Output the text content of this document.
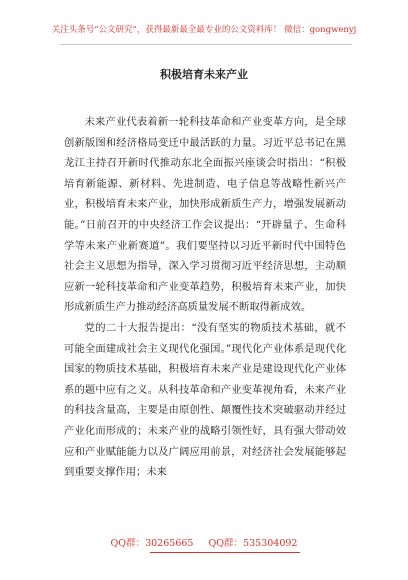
关注头条号“公文研究”，获得最新最全最专业的公文资料库！ 微信：gongwenyj
积极培育未来产业

未来产业代表着新一轮科技革命和产业变革方向，是全球创新版图和经济格局变迁中最活跃的力量。习近平总书记在黑龙江主持召开新时代推动东北全面振兴座谈会时指出：“积极培育新能源、新材料、先进制造、电子信息等战略性新兴产业，积极培育未来产业，加快形成新质生产力，增强发展新动能。”日前召开的中央经济工作会议提出：“开辟量子、生命科学等未来产业新赛道”。我们要坚持以习近平新时代中国特色社会主义思想为指导，深入学习贯彻习近平经济思想，主动顺应新一轮科技革命和产业变革趋势，积极培育未来产业，加快形成新质生产力推动经济高质量发展不断取得新成效。

党的二十大报告提出：“没有坚实的物质技术基础，就不可能全面建成社会主义现代化强国。”现代化产业体系是现代化国家的物质技术基础，积极培育未来产业是建设现代化产业体系的题中应有之义。从科技革命和产业变革视角看，未来产业的科技含量高，主要是由原创性、颠覆性技术突破驱动并经过产业化而形成的；未来产业的战略引领性好，具有强大带动效应和产业赋能能力以及广阔应用前景，对经济社会发展能够起到重要支撑作用；未来

QQ群：30265665 QQ群：535304092
